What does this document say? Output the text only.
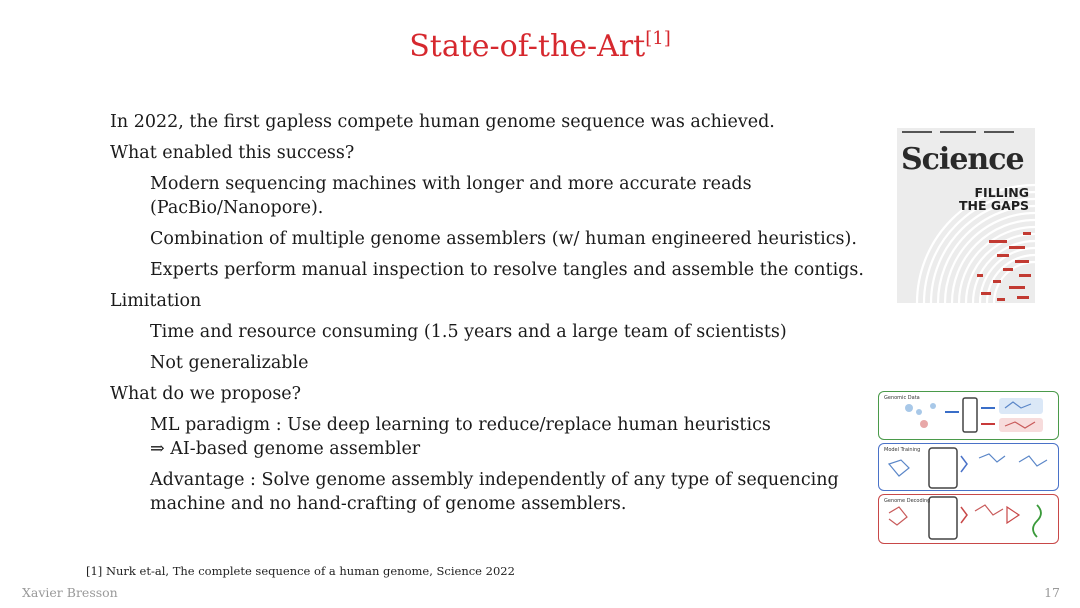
State-of-the-Art[1]
In 2022, the first gapless compete human genome sequence was achieved.
What enabled this success?
Modern sequencing machines with longer and more accurate reads
(PacBio/Nanopore).
Combination of multiple genome assemblers (w/ human engineered heuristics).
Experts perform manual inspection to resolve tangles and assemble the contigs.
Limitation
Time and resource consuming (1.5 years and a large team of scientists)
Not generalizable
What do we propose?
ML paradigm : Use deep learning to reduce/replace human heuristics
⇒ AI-based genome assembler
Advantage : Solve genome assembly independently of any type of sequencing
machine and no hand-crafting of genome assemblers.
Science
FILLING
THE GAPS
Genomic Data
Model Training
Genome Decoding
[1] Nurk et-al, The complete sequence of a human genome, Science 2022
Xavier Bresson	17
